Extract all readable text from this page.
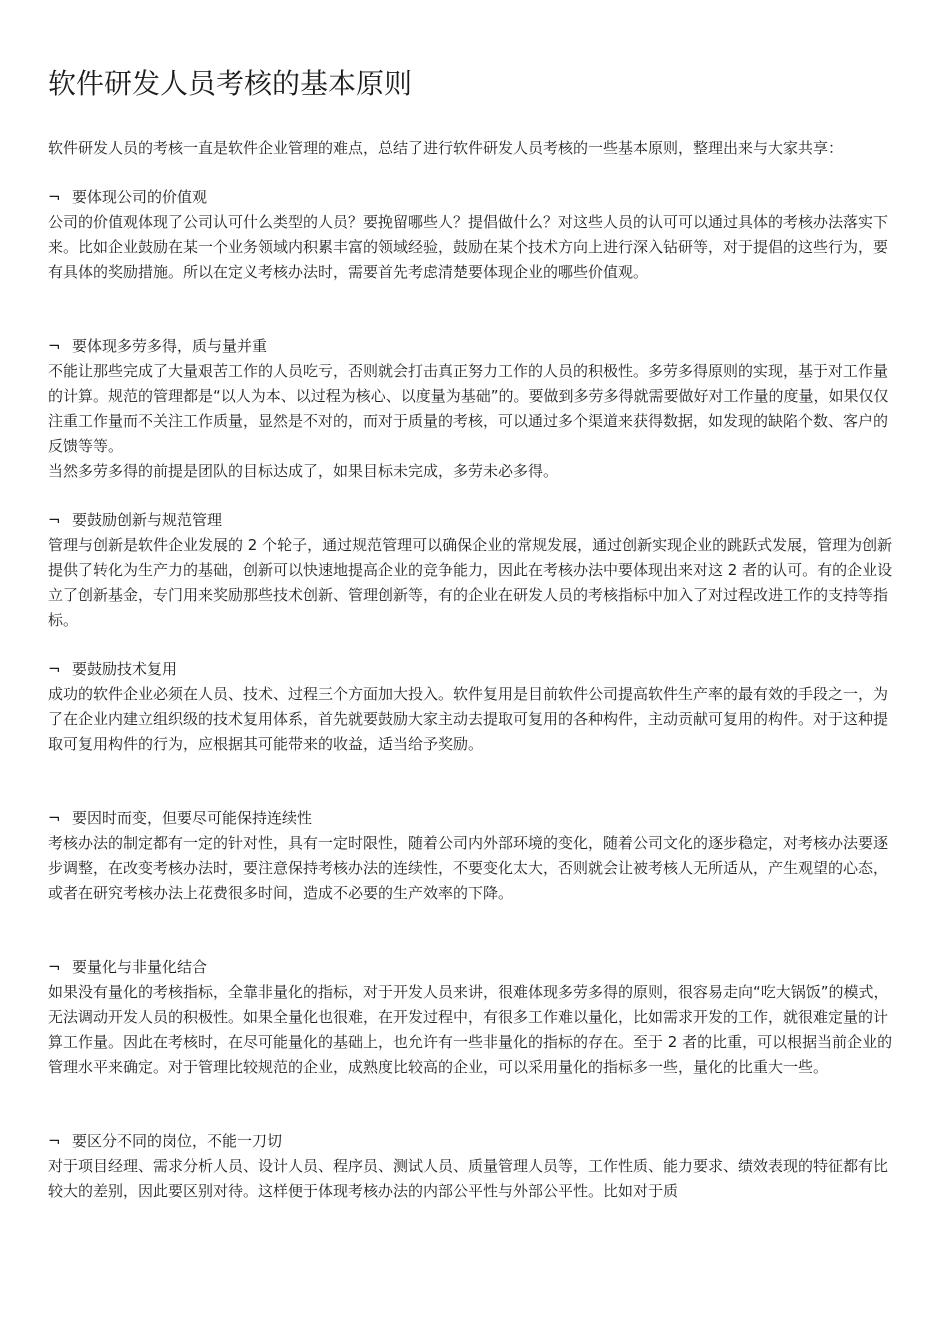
软件研发人员考核的基本原则

软件研发人员的考核一直是软件企业管理的难点，总结了进行软件研发人员考核的一些基本原则，整理出来与大家共享：

¬ 要体现公司的价值观

公司的价值观体现了公司认可什么类型的人员？要挽留哪些人？提倡做什么？对这些人员的认可可以通过具体的考核办法落实下来。比如企业鼓励在某一个业务领域内积累丰富的领域经验，鼓励在某个技术方向上进行深入钻研等，对于提倡的这些行为，要有具体的奖励措施。所以在定义考核办法时，需要首先考虑清楚要体现企业的哪些价值观。

¬ 要体现多劳多得，质与量并重

不能让那些完成了大量艰苦工作的人员吃亏，否则就会打击真正努力工作的人员的积极性。多劳多得原则的实现，基于对工作量的计算。规范的管理都是“以人为本、以过程为核心、以度量为基础”的。要做到多劳多得就需要做好对工作量的度量，如果仅仅注重工作量而不关注工作质量，显然是不对的，而对于质量的考核，可以通过多个渠道来获得数据，如发现的缺陷个数、客户的反馈等等。

当然多劳多得的前提是团队的目标达成了，如果目标未完成，多劳未必多得。

¬ 要鼓励创新与规范管理

管理与创新是软件企业发展的 2 个轮子，通过规范管理可以确保企业的常规发展，通过创新实现企业的跳跃式发展，管理为创新提供了转化为生产力的基础，创新可以快速地提高企业的竞争能力，因此在考核办法中要体现出来对这 2 者的认可。有的企业设立了创新基金，专门用来奖励那些技术创新、管理创新等，有的企业在研发人员的考核指标中加入了对过程改进工作的支持等指标。

¬ 要鼓励技术复用

成功的软件企业必须在人员、技术、过程三个方面加大投入。软件复用是目前软件公司提高软件生产率的最有效的手段之一，为了在企业内建立组织级的技术复用体系，首先就要鼓励大家主动去提取可复用的各种构件，主动贡献可复用的构件。对于这种提取可复用构件的行为，应根据其可能带来的收益，适当给予奖励。

¬ 要因时而变，但要尽可能保持连续性

考核办法的制定都有一定的针对性，具有一定时限性，随着公司内外部环境的变化，随着公司文化的逐步稳定，对考核办法要逐步调整，在改变考核办法时，要注意保持考核办法的连续性，不要变化太大，否则就会让被考核人无所适从，产生观望的心态，或者在研究考核办法上花费很多时间，造成不必要的生产效率的下降。

¬ 要量化与非量化结合

如果没有量化的考核指标，全靠非量化的指标，对于开发人员来讲，很难体现多劳多得的原则，很容易走向“吃大锅饭”的模式，无法调动开发人员的积极性。如果全量化也很难，在开发过程中，有很多工作难以量化，比如需求开发的工作，就很难定量的计算工作量。因此在考核时，在尽可能量化的基础上，也允许有一些非量化的指标的存在。至于 2 者的比重，可以根据当前企业的管理水平来确定。对于管理比较规范的企业，成熟度比较高的企业，可以采用量化的指标多一些，量化的比重大一些。

¬ 要区分不同的岗位，不能一刀切

对于项目经理、需求分析人员、设计人员、程序员、测试人员、质量管理人员等，工作性质、能力要求、绩效表现的特征都有比较大的差别，因此要区别对待。这样便于体现考核办法的内部公平性与外部公平性。比如对于质
